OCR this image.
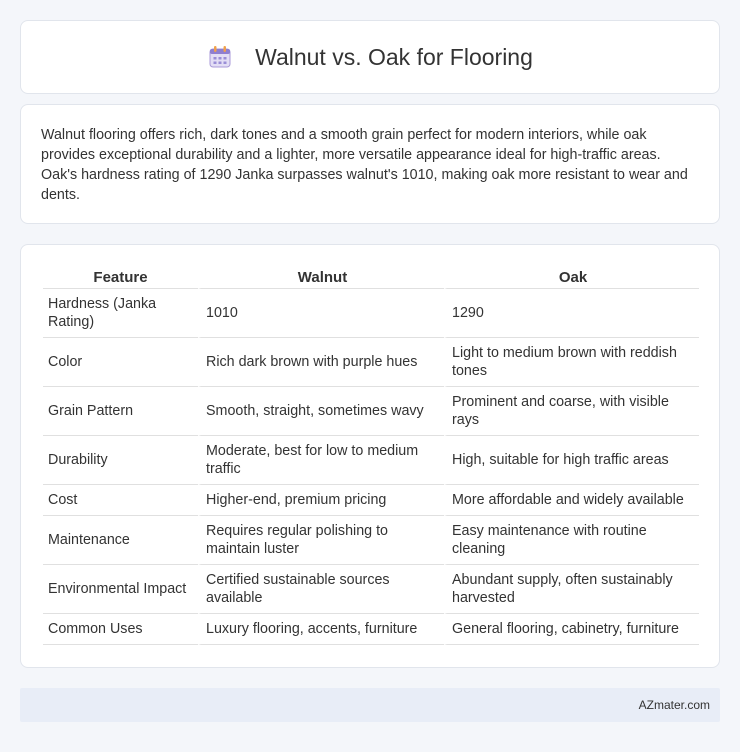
Walnut vs. Oak for Flooring

Walnut flooring offers rich, dark tones and a smooth grain perfect for modern interiors, while oak provides exceptional durability and a lighter, more versatile appearance ideal for high-traffic areas. Oak's hardness rating of 1290 Janka surpasses walnut's 1010, making oak more resistant to wear and dents.

Feature	Walnut	Oak
Hardness (Janka Rating)	1010	1290
Color	Rich dark brown with purple hues	Light to medium brown with reddish tones
Grain Pattern	Smooth, straight, sometimes wavy	Prominent and coarse, with visible rays
Durability	Moderate, best for low to medium traffic	High, suitable for high traffic areas
Cost	Higher-end, premium pricing	More affordable and widely available
Maintenance	Requires regular polishing to maintain luster	Easy maintenance with routine cleaning
Environmental Impact	Certified sustainable sources available	Abundant supply, often sustainably harvested
Common Uses	Luxury flooring, accents, furniture	General flooring, cabinetry, furniture
AZmater.com
